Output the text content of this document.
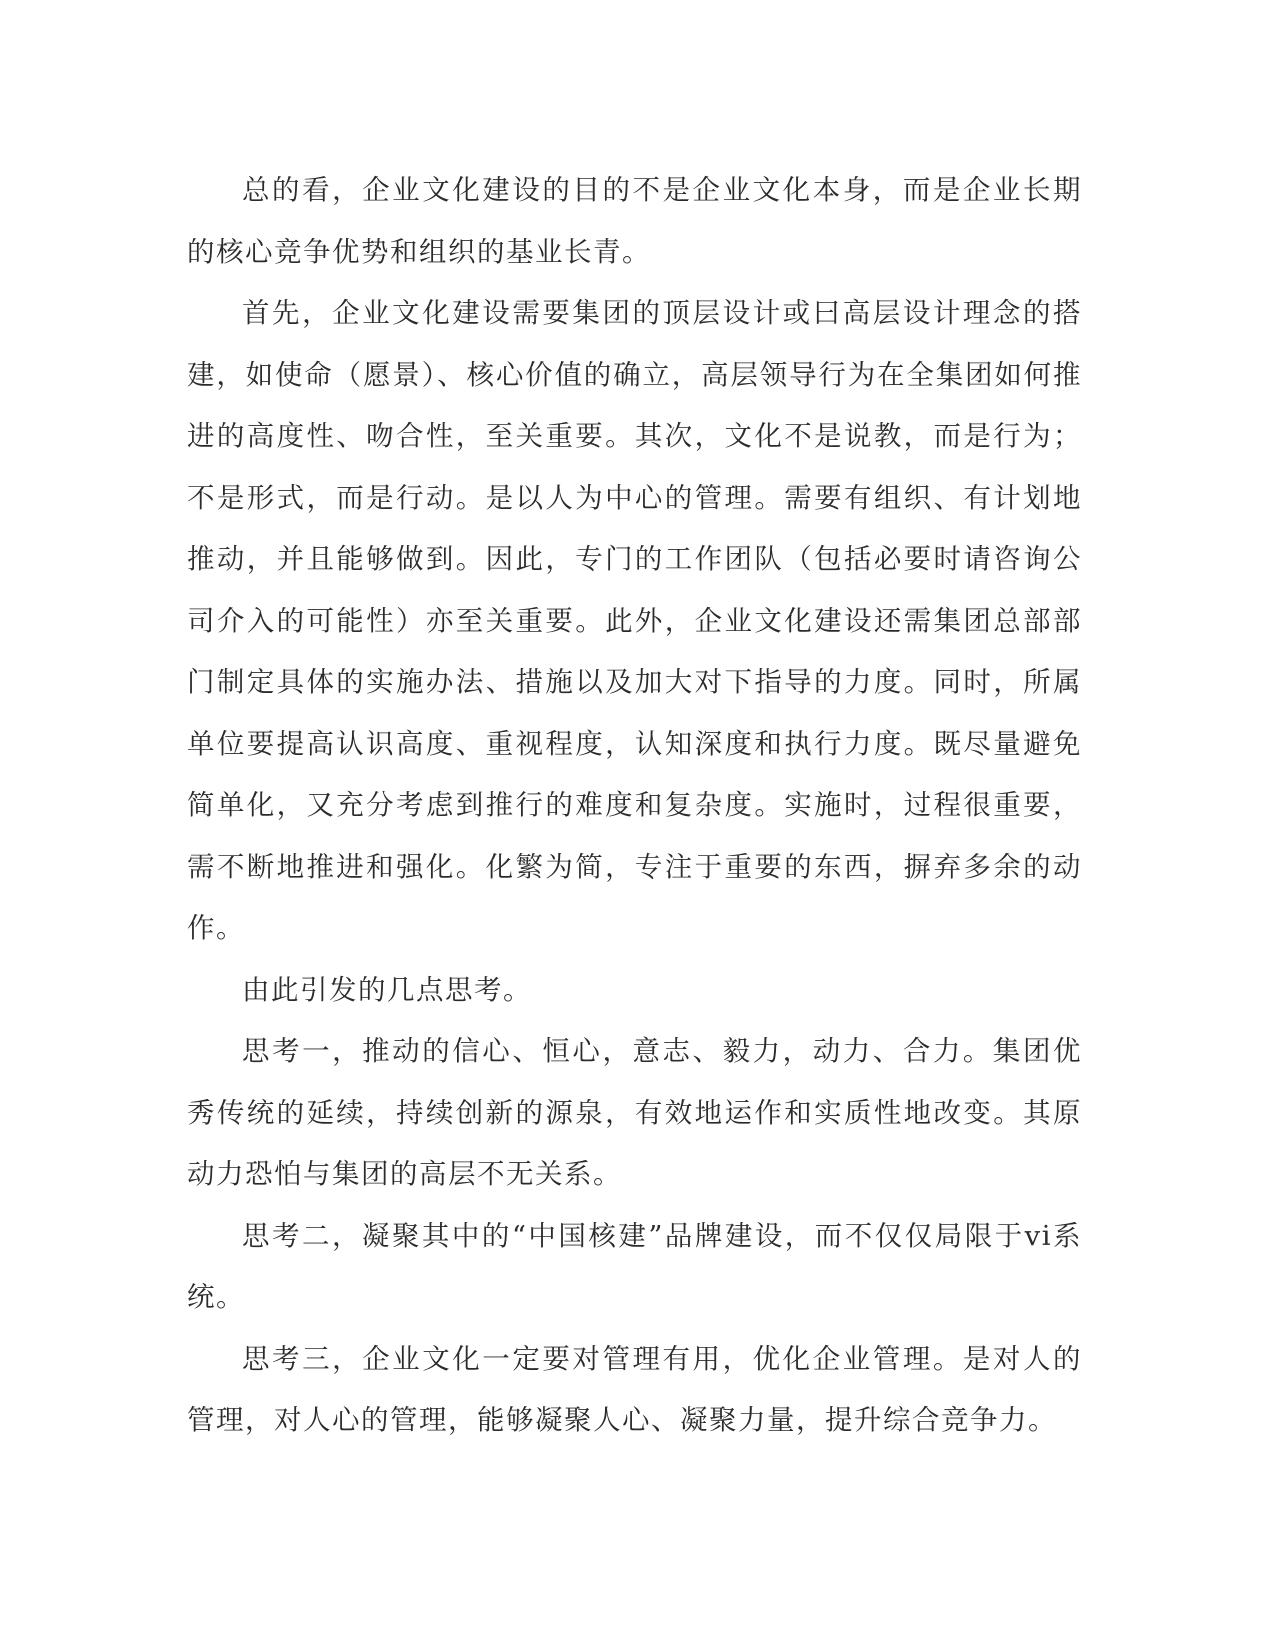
总的看，企业文化建设的目的不是企业文化本身，而是企业长期的核心竞争优势和组织的基业长青。

首先，企业文化建设需要集团的顶层设计或曰高层设计理念的搭建，如使命（愿景）、核心价值的确立，高层领导行为在全集团如何推进的高度性、吻合性，至关重要。其次，文化不是说教，而是行为；不是形式，而是行动。是以人为中心的管理。需要有组织、有计划地推动，并且能够做到。因此，专门的工作团队（包括必要时请咨询公司介入的可能性）亦至关重要。此外，企业文化建设还需集团总部部门制定具体的实施办法、措施以及加大对下指导的力度。同时，所属单位要提高认识高度、重视程度，认知深度和执行力度。既尽量避免简单化，又充分考虑到推行的难度和复杂度。实施时，过程很重要，需不断地推进和强化。化繁为简，专注于重要的东西，摒弃多余的动作。

由此引发的几点思考。

思考一，推动的信心、恒心，意志、毅力，动力、合力。集团优秀传统的延续，持续创新的源泉，有效地运作和实质性地改变。其原动力恐怕与集团的高层不无关系。

思考二，凝聚其中的“中国核建”品牌建设，而不仅仅局限于vi系统。

思考三，企业文化一定要对管理有用，优化企业管理。是对人的管理，对人心的管理，能够凝聚人心、凝聚力量，提升综合竞争力。
